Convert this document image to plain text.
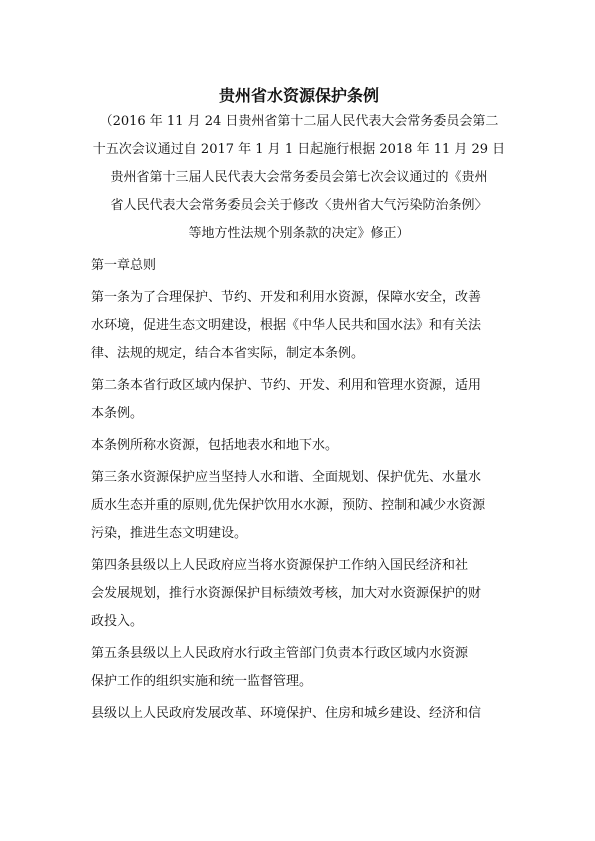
贵州省水资源保护条例
（2016 年 11 月 24 日贵州省第十二届人民代表大会常务委员会第二
十五次会议通过自 2017 年 1 月 1 日起施行根据 2018 年 11 月 29 日
贵州省第十三届人民代表大会常务委员会第七次会议通过的《贵州
省人民代表大会常务委员会关于修改〈贵州省大气污染防治条例〉
等地方性法规个别条款的决定》修正）
第一章总则
第一条为了合理保护、节约、开发和利用水资源，保障水安全，改善
水环境，促进生态文明建设，根据《中华人民共和国水法》和有关法
律、法规的规定，结合本省实际，制定本条例。
第二条本省行政区域内保护、节约、开发、利用和管理水资源，适用
本条例。
本条例所称水资源，包括地表水和地下水。
第三条水资源保护应当坚持人水和谐、全面规划、保护优先、水量水
质水生态并重的原则,优先保护饮用水水源，预防、控制和减少水资源
污染，推进生态文明建设。
第四条县级以上人民政府应当将水资源保护工作纳入国民经济和社
会发展规划，推行水资源保护目标绩效考核，加大对水资源保护的财
政投入。
第五条县级以上人民政府水行政主管部门负责本行政区域内水资源
保护工作的组织实施和统一监督管理。
县级以上人民政府发展改革、环境保护、住房和城乡建设、经济和信
